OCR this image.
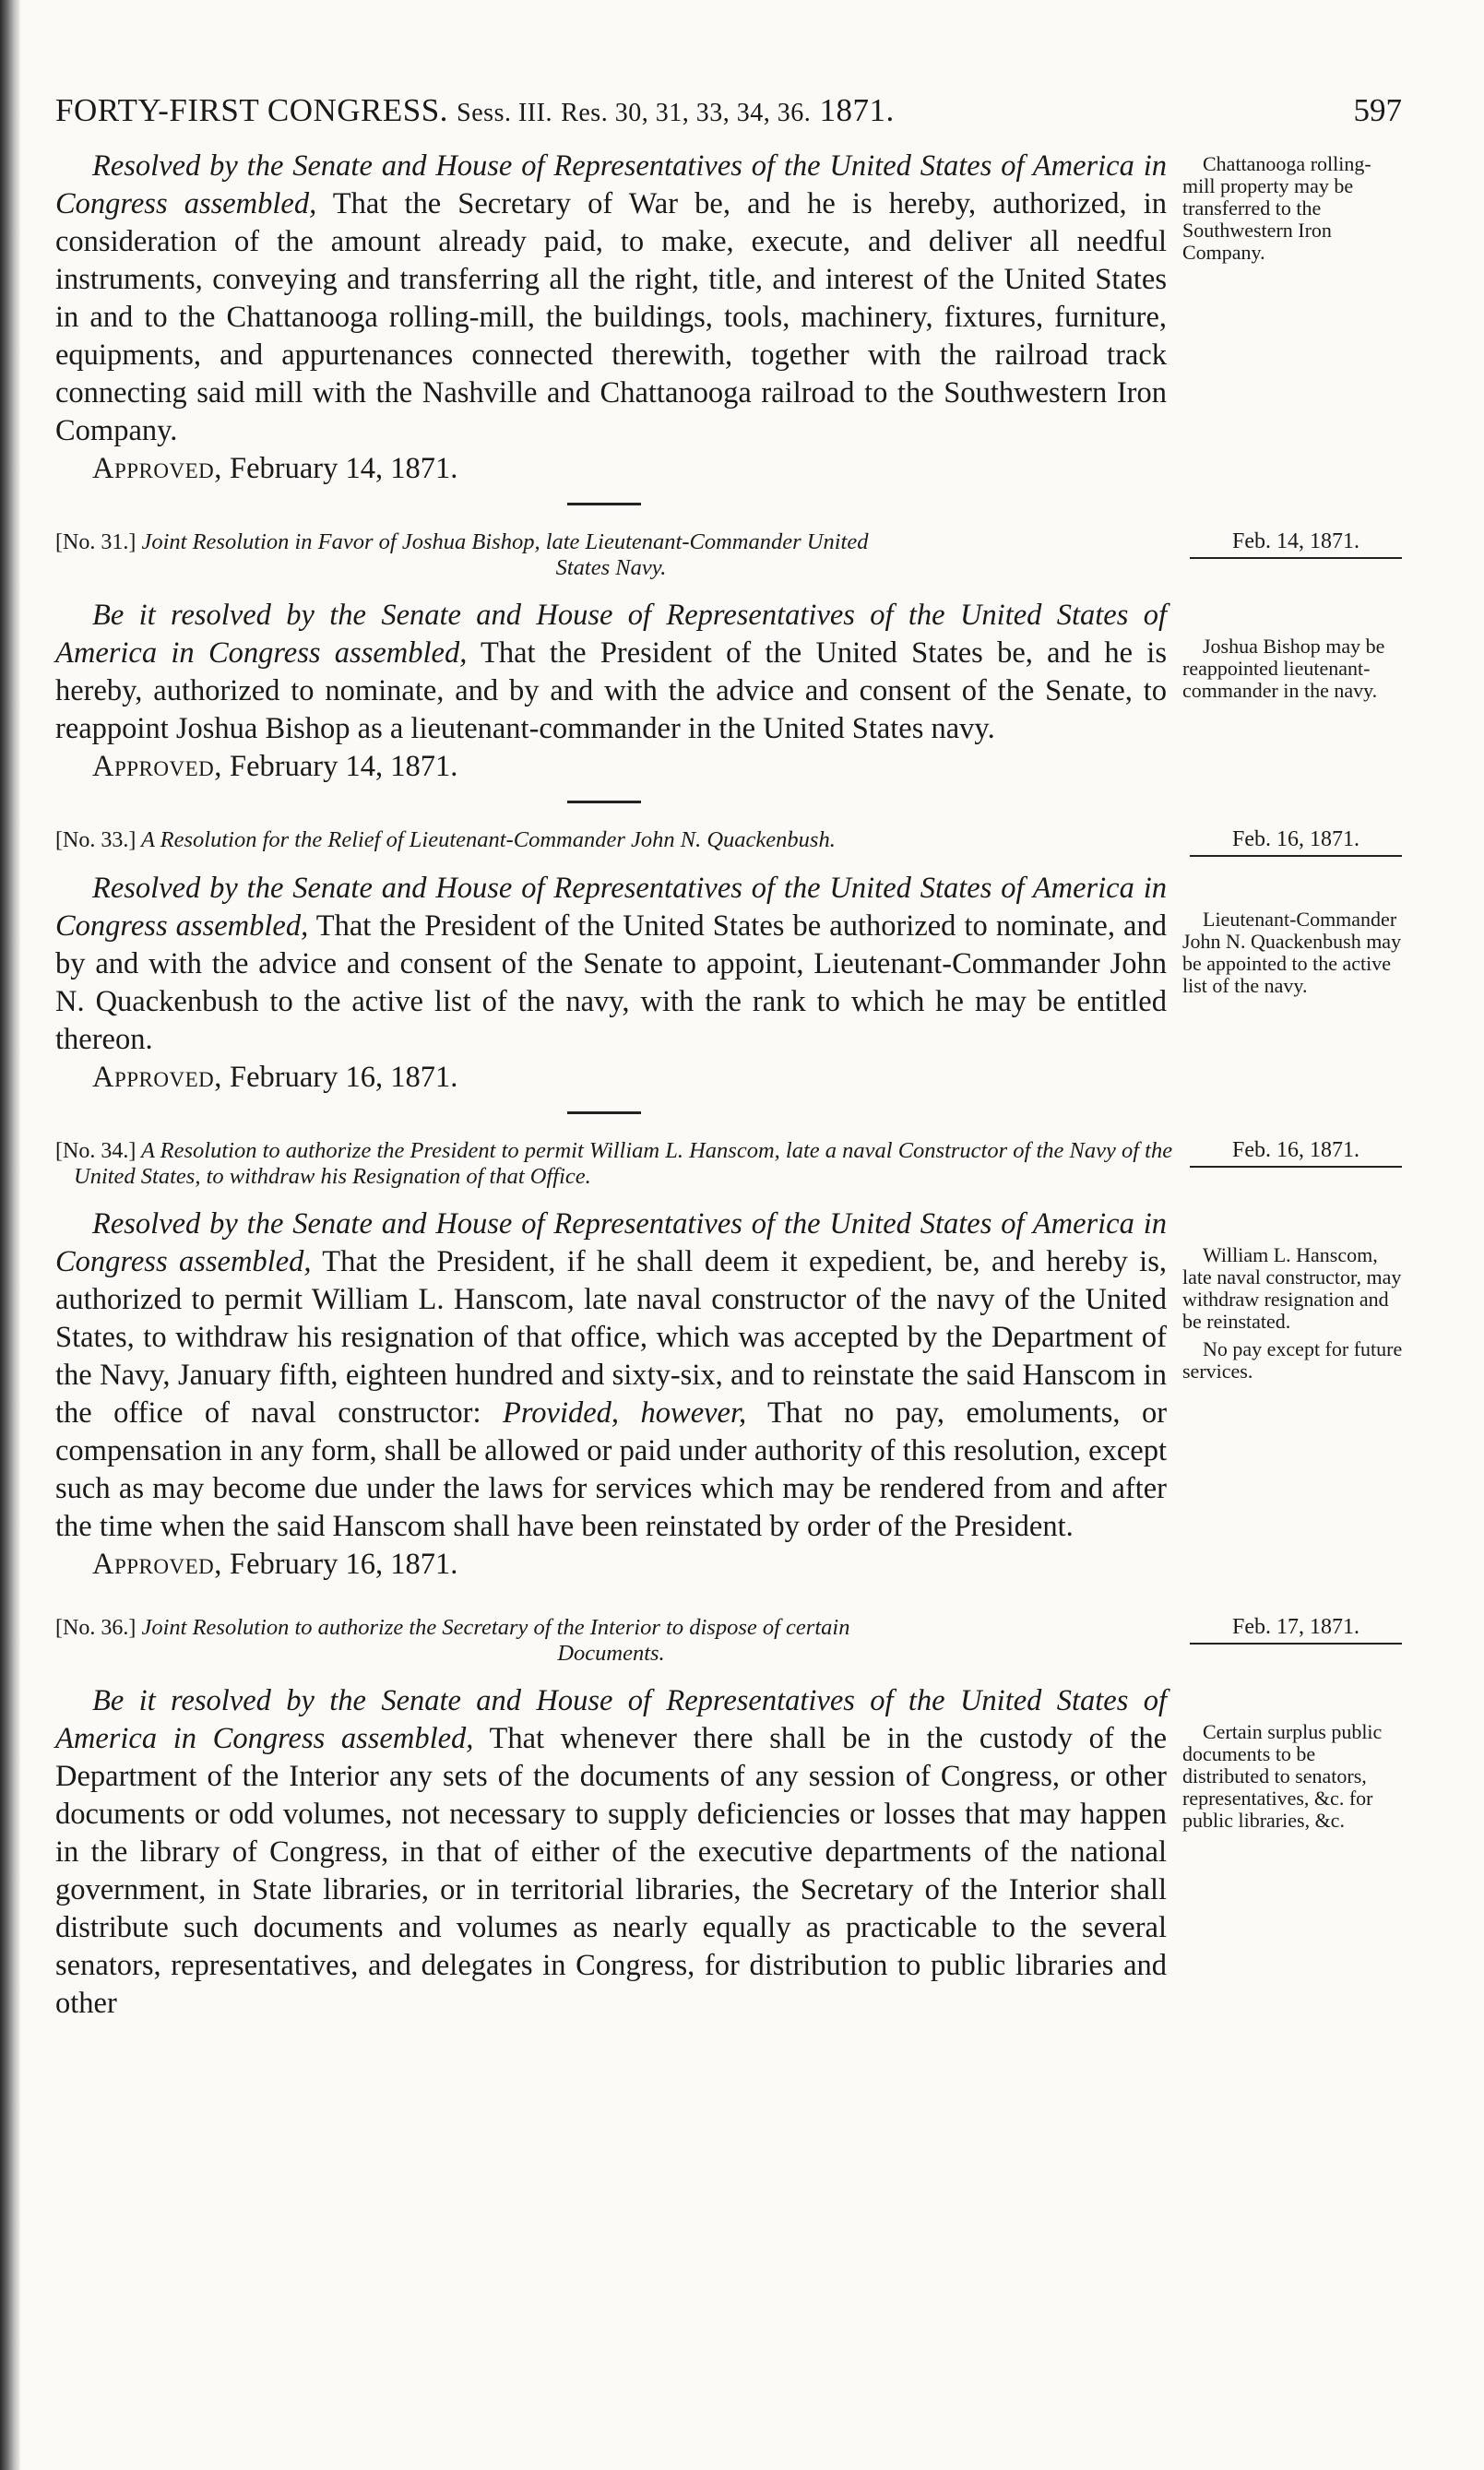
FORTY-FIRST CONGRESS. Sess. III. Res. 30, 31, 33, 34, 36. 1871.	597
Chattanooga rolling-mill property may be transferred to the Southwestern Iron Company.

Resolved by the Senate and House of Representatives of the United States of America in Congress assembled, That the Secretary of War be, and he is hereby, authorized, in consideration of the amount already paid, to make, execute, and deliver all needful instruments, conveying and transferring all the right, title, and interest of the United States in and to the Chattanooga rolling-mill, the buildings, tools, machinery, fixtures, furniture, equipments, and appurtenances connected therewith, together with the railroad track connecting said mill with the Nashville and Chattanooga railroad to the Southwestern Iron Company.

Approved, February 14, 1871.

[No. 31.] Joint Resolution in Favor of Joshua Bishop, late Lieutenant-Commander United
States Navy.
Feb. 14, 1871.
Joshua Bishop may be reappointed lieutenant-commander in the navy.

Be it resolved by the Senate and House of Representatives of the United States of America in Congress assembled, That the President of the United States be, and he is hereby, authorized to nominate, and by and with the advice and consent of the Senate, to reappoint Joshua Bishop as a lieutenant-commander in the United States navy.

Approved, February 14, 1871.

[No. 33.] A Resolution for the Relief of Lieutenant-Commander John N. Quackenbush.	Feb. 16, 1871.
Lieutenant-Commander John N. Quackenbush may be appointed to the active list of the navy.

Resolved by the Senate and House of Representatives of the United States of America in Congress assembled, That the President of the United States be authorized to nominate, and by and with the advice and consent of the Senate to appoint, Lieutenant-Commander John N. Quackenbush to the active list of the navy, with the rank to which he may be entitled thereon.

Approved, February 16, 1871.

[No. 34.] A Resolution to authorize the President to permit William L. Hanscom, late a naval Constructor of the Navy of the United States, to withdraw his Resignation of that Office.
Feb. 16, 1871.
William L. Hanscom, late naval constructor, may withdraw resignation and be reinstated.
No pay except for future services.

Resolved by the Senate and House of Representatives of the United States of America in Congress assembled, That the President, if he shall deem it expedient, be, and hereby is, authorized to permit William L. Hanscom, late naval constructor of the navy of the United States, to withdraw his resignation of that office, which was accepted by the Department of the Navy, January fifth, eighteen hundred and sixty-six, and to reinstate the said Hanscom in the office of naval constructor: Provided, however, That no pay, emoluments, or compensation in any form, shall be allowed or paid under authority of this resolution, except such as may become due under the laws for services which may be rendered from and after the time when the said Hanscom shall have been reinstated by order of the President.

Approved, February 16, 1871.

[No. 36.] Joint Resolution to authorize the Secretary of the Interior to dispose of certain
Documents.
Feb. 17, 1871.
Certain surplus public documents to be distributed to senators, representatives, &c. for public libraries, &c.

Be it resolved by the Senate and House of Representatives of the United States of America in Congress assembled, That whenever there shall be in the custody of the Department of the Interior any sets of the documents of any session of Congress, or other documents or odd volumes, not necessary to supply deficiencies or losses that may happen in the library of Congress, in that of either of the executive departments of the national government, in State libraries, or in territorial libraries, the Secretary of the Interior shall distribute such documents and volumes as nearly equally as practicable to the several senators, representatives, and delegates in Congress, for distribution to public libraries and other
